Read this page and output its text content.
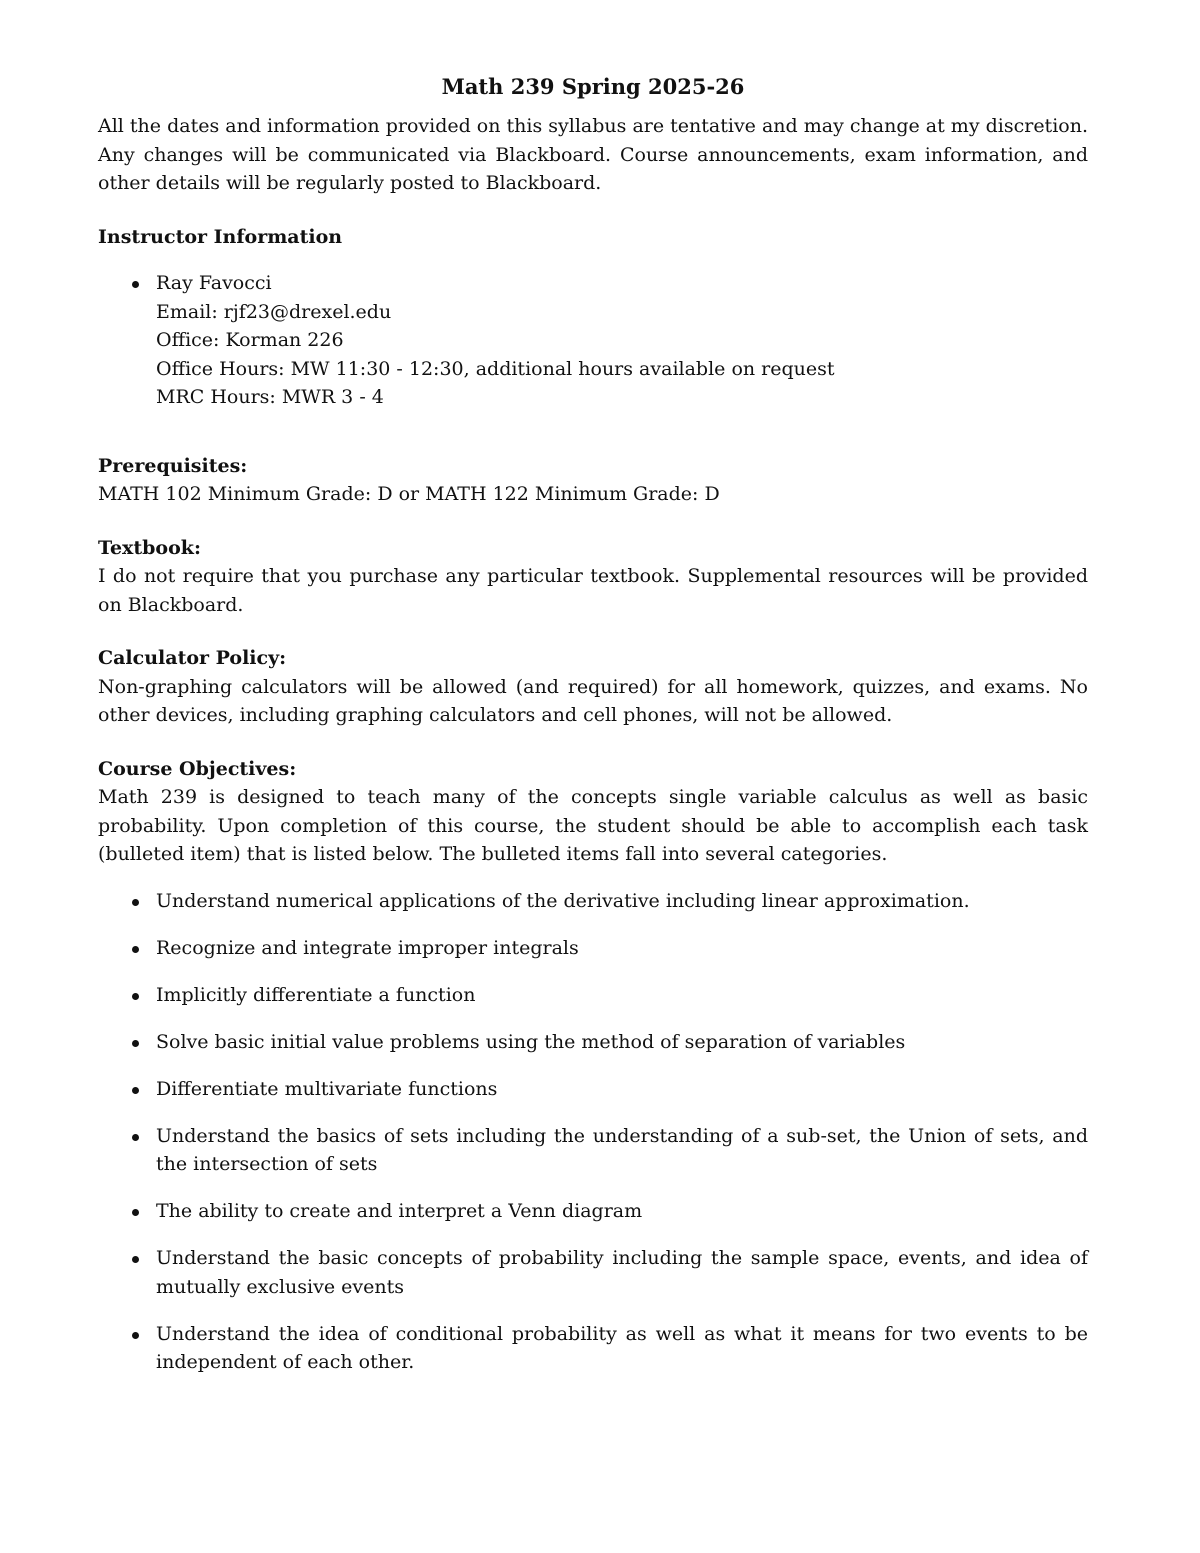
Math 239 Spring 2025-26

All the dates and information provided on this syllabus are tentative and may change at my discretion. Any changes will be communicated via Blackboard. Course announcements, exam information, and other details will be regularly posted to Blackboard.

Instructor Information
Ray Favocci
Email: rjf23@drexel.edu
Office: Korman 226
Office Hours: MW 11:30 - 12:30, additional hours available on request
MRC Hours: MWR 3 - 4
Prerequisites:
MATH 102 Minimum Grade: D or MATH 122 Minimum Grade: D
Textbook:
I do not require that you purchase any particular textbook. Supplemental resources will be provided on Blackboard.
Calculator Policy:
Non-graphing calculators will be allowed (and required) for all homework, quizzes, and exams. No other devices, including graphing calculators and cell phones, will not be allowed.
Course Objectives:
Math 239 is designed to teach many of the concepts single variable calculus as well as basic probability. Upon completion of this course, the student should be able to accomplish each task (bulleted item) that is listed below. The bulleted items fall into several categories.
Understand numerical applications of the derivative including linear approximation.
Recognize and integrate improper integrals
Implicitly differentiate a function
Solve basic initial value problems using the method of separation of variables
Differentiate multivariate functions
Understand the basics of sets including the understanding of a sub-set, the Union of sets, and the intersection of sets
The ability to create and interpret a Venn diagram
Understand the basic concepts of probability including the sample space, events, and idea of mutually exclusive events
Understand the idea of conditional probability as well as what it means for two events to be independent of each other.
